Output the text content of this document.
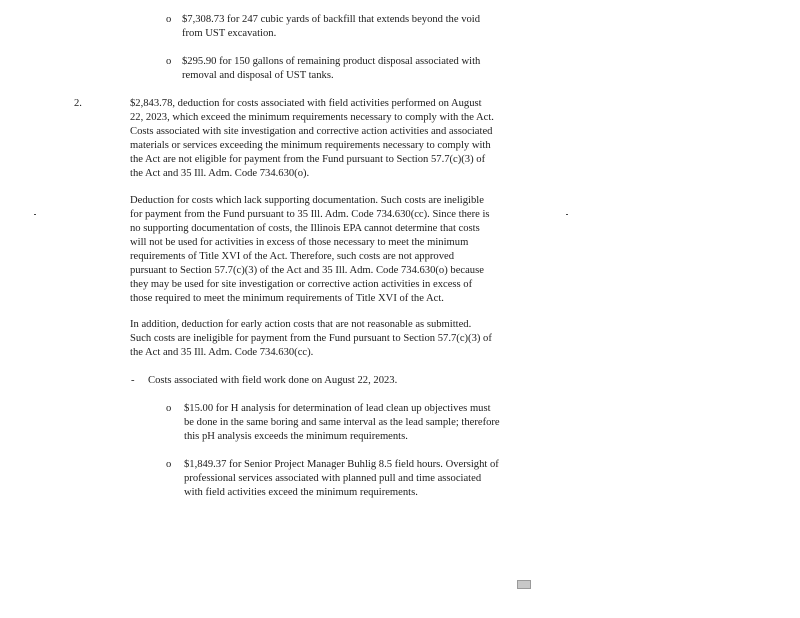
o	$7,308.73 for 247 cubic yards of backfill that extends beyond the void
from UST excavation.
o	$295.90 for 150 gallons of remaining product disposal associated with
removal and disposal of UST tanks.
2.	$2,843.78, deduction for costs associated with field activities performed on August
22, 2023, which exceed the minimum requirements necessary to comply with the Act.
Costs associated with site investigation and corrective action activities and associated
materials or services exceeding the minimum requirements necessary to comply with
the Act are not eligible for payment from the Fund pursuant to Section 57.7(c)(3) of
the Act and 35 Ill. Adm. Code 734.630(o).
Deduction for costs which lack supporting documentation. Such costs are ineligible
for payment from the Fund pursuant to 35 Ill. Adm. Code 734.630(cc). Since there is
no supporting documentation of costs, the Illinois EPA cannot determine that costs
will not be used for activities in excess of those necessary to meet the minimum
requirements of Title XVI of the Act. Therefore, such costs are not approved
pursuant to Section 57.7(c)(3) of the Act and 35 Ill. Adm. Code 734.630(o) because
they may be used for site investigation or corrective action activities in excess of
those required to meet the minimum requirements of Title XVI of the Act.
In addition, deduction for early action costs that are not reasonable as submitted.
Such costs are ineligible for payment from the Fund pursuant to Section 57.7(c)(3) of
the Act and 35 Ill. Adm. Code 734.630(cc).
- Costs associated with field work done on August 22, 2023.
o	$15.00 for H analysis for determination of lead clean up objectives must
be done in the same boring and same interval as the lead sample; therefore
this pH analysis exceeds the minimum requirements.
o	$1,849.37 for Senior Project Manager Buhlig 8.5 field hours. Oversight of
professional services associated with planned pull and time associated
with field activities exceed the minimum requirements.
